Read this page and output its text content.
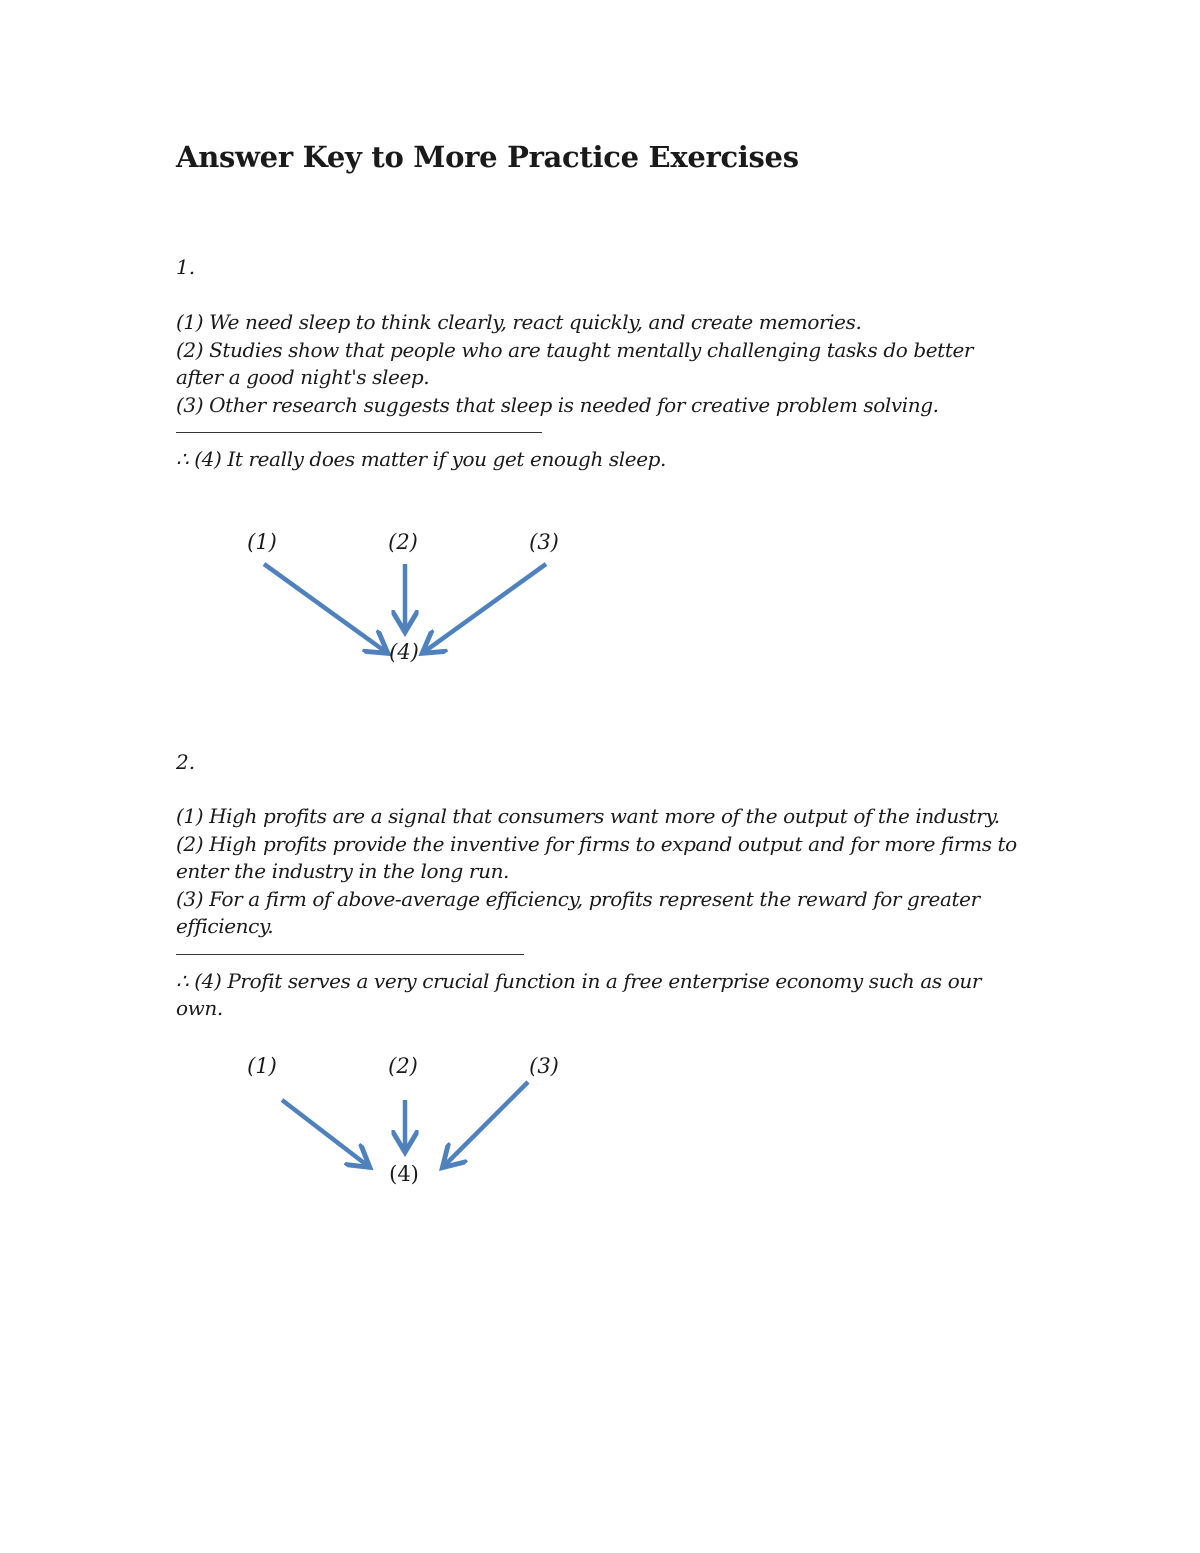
Answer Key to More Practice Exercises
1.
(1) We need sleep to think clearly, react quickly, and create memories.
(2) Studies show that people who are taught mentally challenging tasks do better after a good night's sleep.
(3) Other research suggests that sleep is needed for creative problem solving.
∴ (4) It really does matter if you get enough sleep.
(1)	(2)	(3)
(4)
2.
(1) High profits are a signal that consumers want more of the output of the industry.
(2) High profits provide the inventive for firms to expand output and for more firms to enter the industry in the long run.
(3) For a firm of above-average efficiency, profits represent the reward for greater efficiency.
∴ (4) Profit serves a very crucial function in a free enterprise economy such as our own.
(1)	(2)	(3)
(4)
